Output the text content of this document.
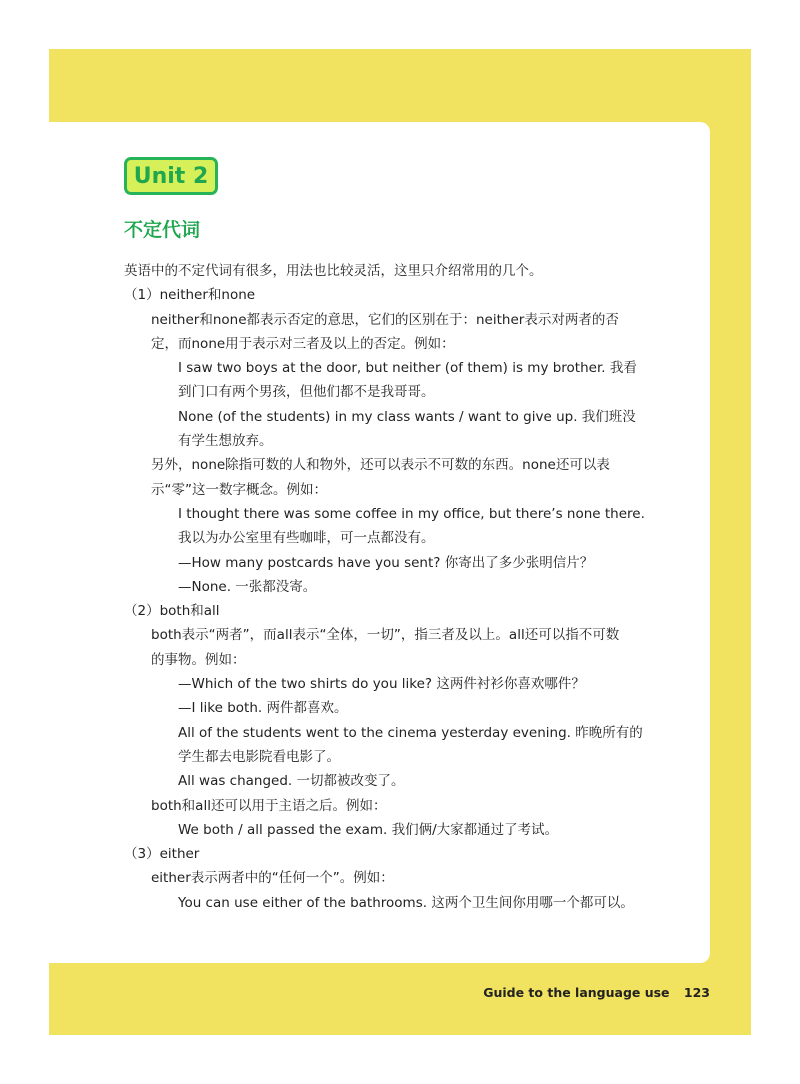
Unit 2
不定代词

英语中的不定代词有很多，用法也比较灵活，这里只介绍常用的几个。

（1）neither和none

neither和none都表示否定的意思，它们的区别在于：neither表示对两者的否

定，而none用于表示对三者及以上的否定。例如：

I saw two boys at the door, but neither (of them) is my brother. 我看

到门口有两个男孩，但他们都不是我哥哥。

None (of the students) in my class wants / want to give up. 我们班没

有学生想放弃。

另外，none除指可数的人和物外，还可以表示不可数的东西。none还可以表

示“零”这一数字概念。例如：

I thought there was some coffee in my office, but there’s none there.

我以为办公室里有些咖啡，可一点都没有。

—How many postcards have you sent? 你寄出了多少张明信片？

—None. 一张都没寄。

（2）both和all

both表示“两者”，而all表示“全体，一切”，指三者及以上。all还可以指不可数

的事物。例如：

—Which of the two shirts do you like? 这两件衬衫你喜欢哪件？

—I like both. 两件都喜欢。

All of the students went to the cinema yesterday evening. 昨晚所有的

学生都去电影院看电影了。

All was changed. 一切都被改变了。

both和all还可以用于主语之后。例如：

We both / all passed the exam. 我们俩/大家都通过了考试。

（3）either

either表示两者中的“任何一个”。例如：

You can use either of the bathrooms. 这两个卫生间你用哪一个都可以。

Guide to the language use 123
